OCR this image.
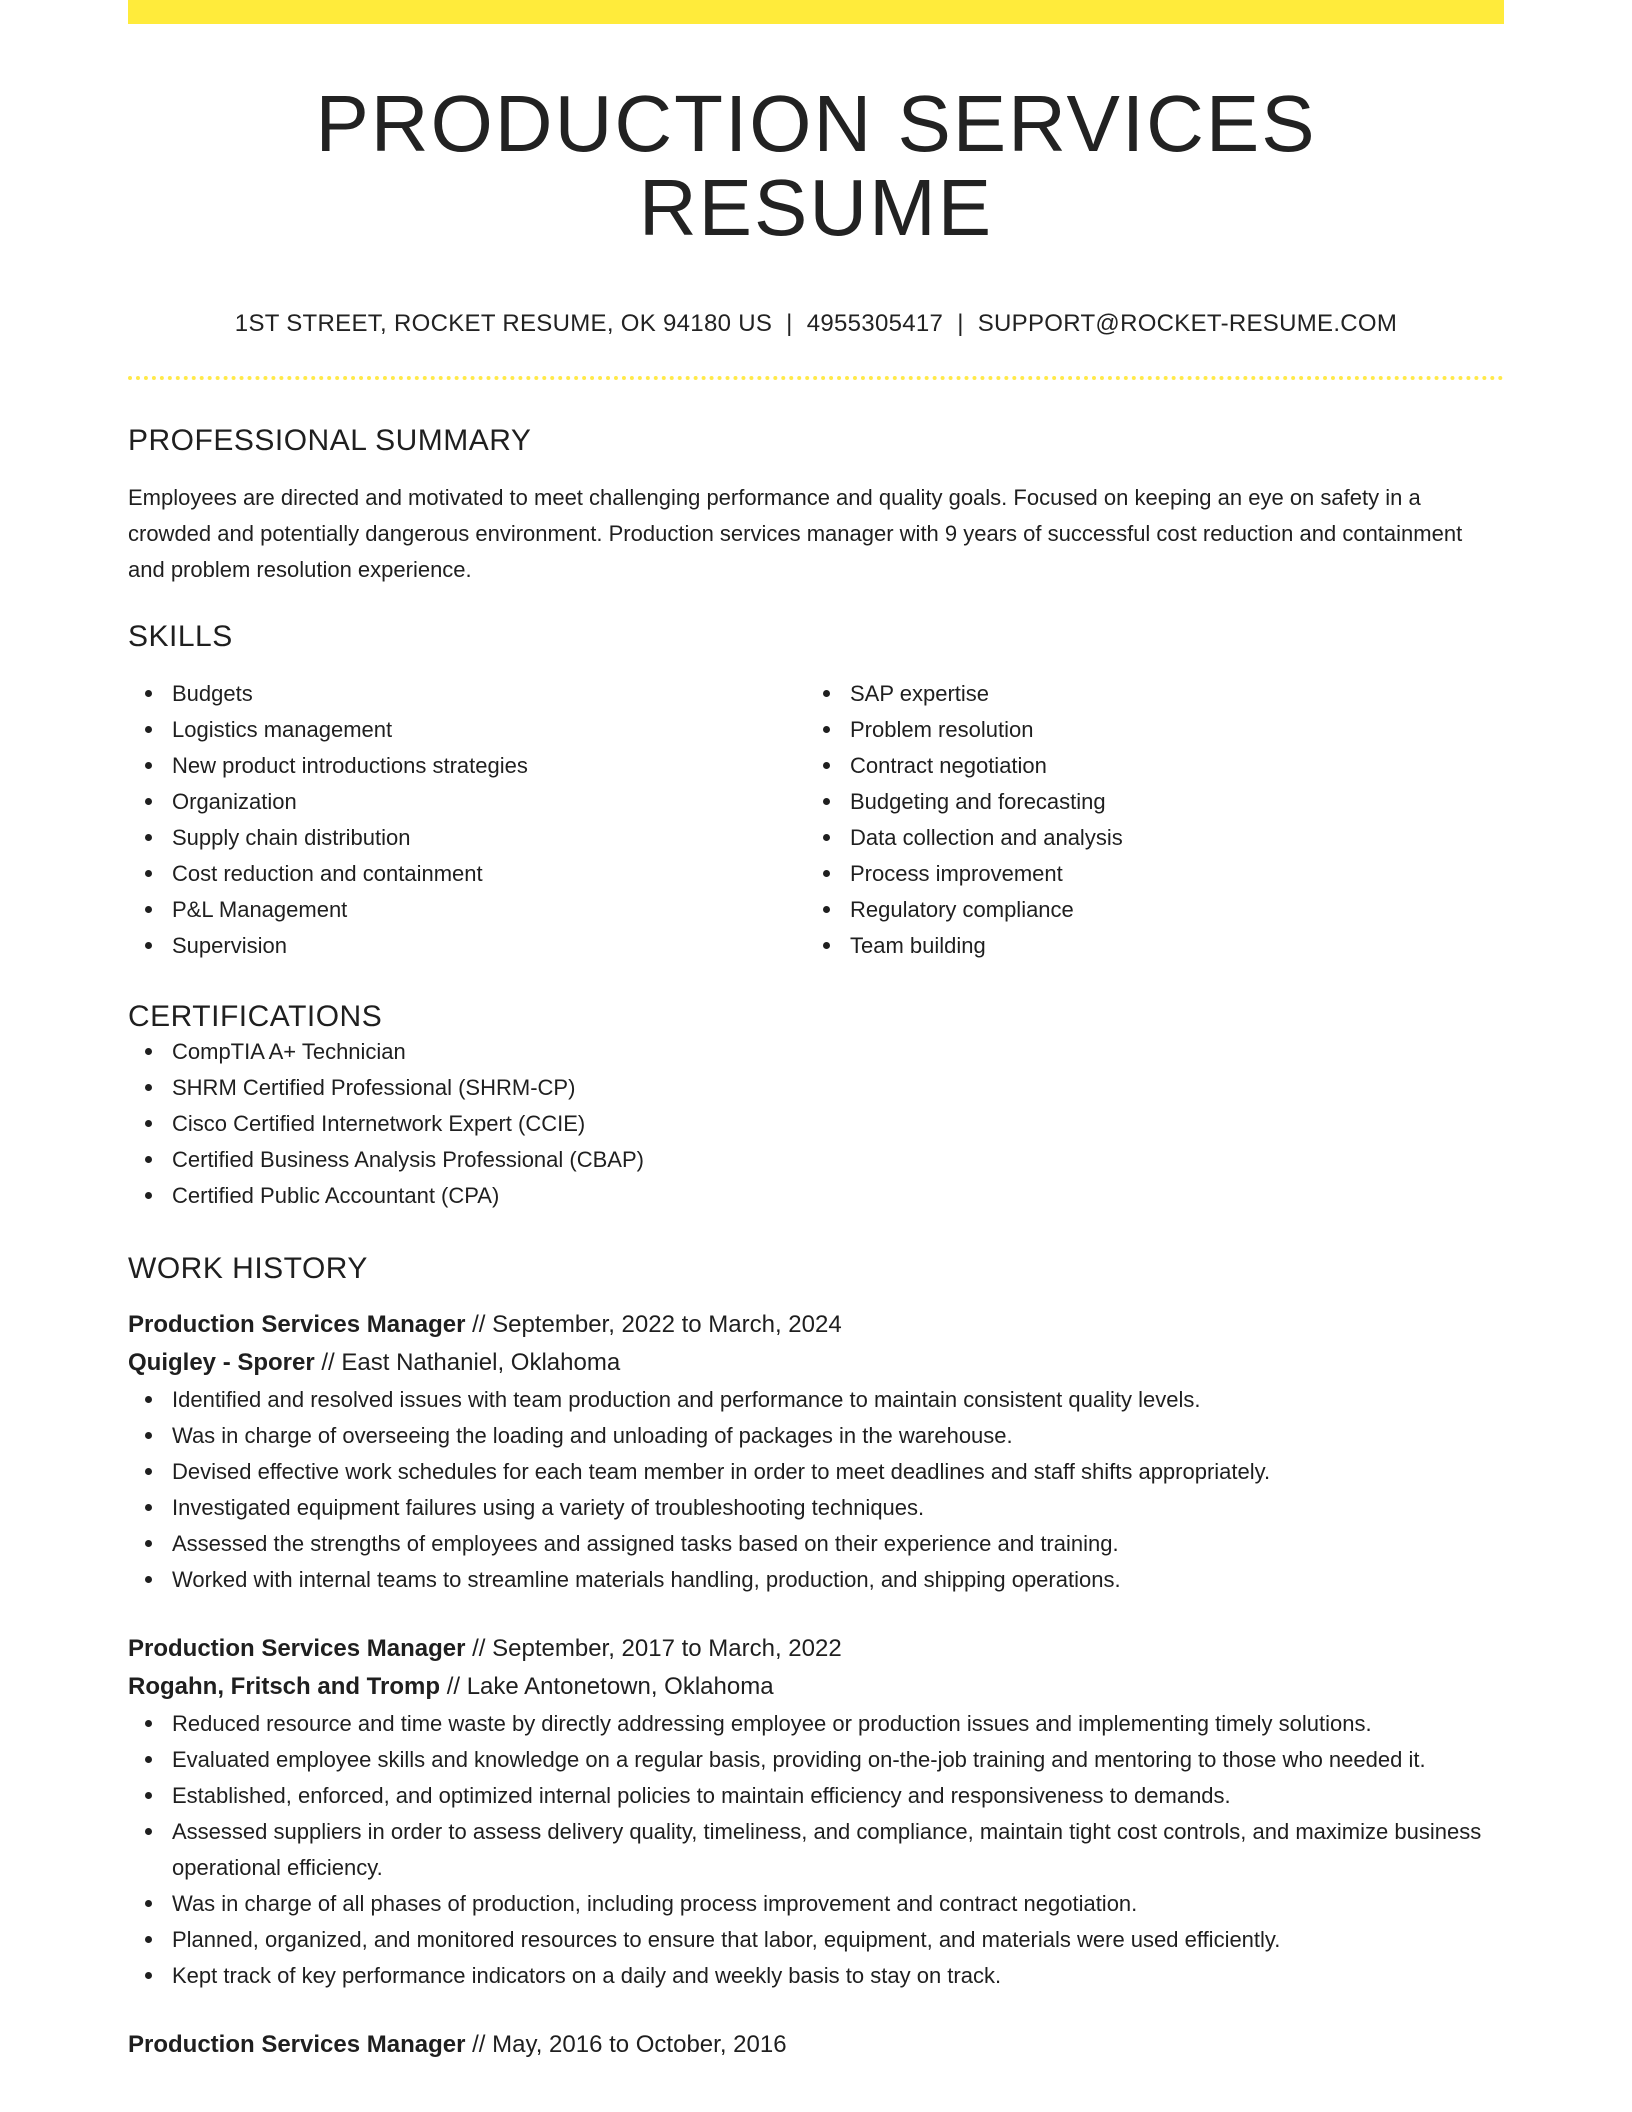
PRODUCTION SERVICES RESUME
1ST STREET, ROCKET RESUME, OK 94180 US | 4955305417 | SUPPORT@ROCKET-RESUME.COM
PROFESSIONAL SUMMARY

Employees are directed and motivated to meet challenging performance and quality goals. Focused on keeping an eye on safety in a crowded and potentially dangerous environment. Production services manager with 9 years of successful cost reduction and containment and problem resolution experience.

SKILLS
Budgets
Logistics management
New product introductions strategies
Organization
Supply chain distribution
Cost reduction and containment
P&L Management
Supervision
SAP expertise
Problem resolution
Contract negotiation
Budgeting and forecasting
Data collection and analysis
Process improvement
Regulatory compliance
Team building
CERTIFICATIONS
CompTIA A+ Technician
SHRM Certified Professional (SHRM-CP)
Cisco Certified Internetwork Expert (CCIE)
Certified Business Analysis Professional (CBAP)
Certified Public Accountant (CPA)
WORK HISTORY
Production Services Manager // September, 2022 to March, 2024
Quigley - Sporer // East Nathaniel, Oklahoma
Identified and resolved issues with team production and performance to maintain consistent quality levels.
Was in charge of overseeing the loading and unloading of packages in the warehouse.
Devised effective work schedules for each team member in order to meet deadlines and staff shifts appropriately.
Investigated equipment failures using a variety of troubleshooting techniques.
Assessed the strengths of employees and assigned tasks based on their experience and training.
Worked with internal teams to streamline materials handling, production, and shipping operations.
Production Services Manager // September, 2017 to March, 2022
Rogahn, Fritsch and Tromp // Lake Antonetown, Oklahoma
Reduced resource and time waste by directly addressing employee or production issues and implementing timely solutions.
Evaluated employee skills and knowledge on a regular basis, providing on-the-job training and mentoring to those who needed it.
Established, enforced, and optimized internal policies to maintain efficiency and responsiveness to demands.
Assessed suppliers in order to assess delivery quality, timeliness, and compliance, maintain tight cost controls, and maximize business operational efficiency.
Was in charge of all phases of production, including process improvement and contract negotiation.
Planned, organized, and monitored resources to ensure that labor, equipment, and materials were used efficiently.
Kept track of key performance indicators on a daily and weekly basis to stay on track.
Production Services Manager // May, 2016 to October, 2016
